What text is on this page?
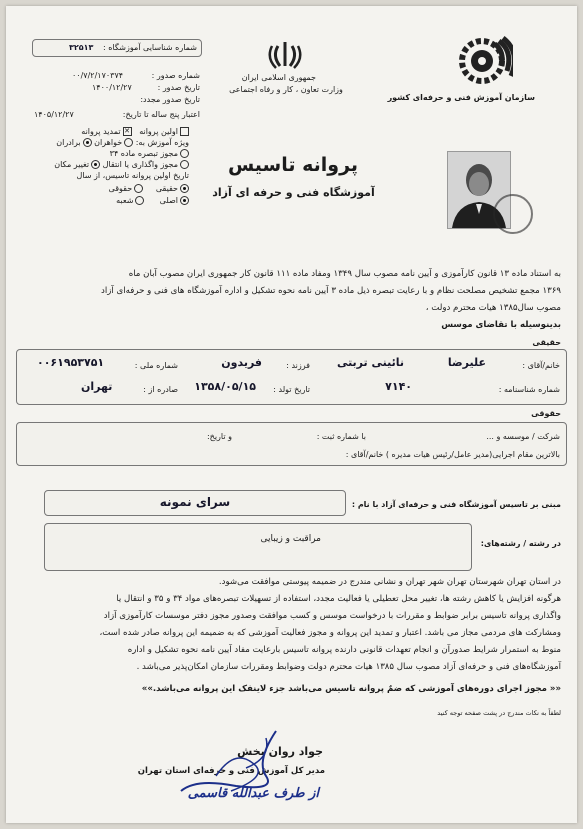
سازمان آموزش فنی و حرفه‌ای کشور
جمهوری اسلامی ایران
وزارت تعاون ، کار و رفاه اجتماعی
شماره شناسایی آموزشگاه :
۳۲۵۱۳
شماره صدور :
۰۰/۷/۲/۱۷۰۳۷۴
تاریخ صدور :
۱۴۰۰/۱۲/۲۷
تاریخ صدور مجدد:
اعتبار پنج ساله تا تاریخ:
۱۴۰۵/۱۲/۲۷
اولین پروانه   ✕تمدید پروانه
ویژه آموزش به: خواهران برادران
مجوز تبصره ماده ۳۴
مجوز واگذاری یا انتقال تغییر مکان
تاریخ اولین پروانه تاسیس، از سال
حقیقی     حقوقی
اصلی      شعبه
پروانه تاسیس
آموزشگاه فنی و حرفه ای آزاد
به استناد ماده ۱۳ قانون کارآموزی و آیین نامه مصوب سال ۱۳۴۹ ومفاد ماده ۱۱۱ قانون کار جمهوری ایران مصوب آبان ماه
۱۳۶۹ مجمع تشخیص مصلحت نظام و با رعایت تبصره ذیل ماده ۳ آیین نامه نحوه تشکیل و اداره آموزشگاه های فنی و حرفه‌ای آزاد
مصوب سال۱۳۸۵ هیات محترم دولت ،
بدینوسیله با تقاضای موسس
حقیقی
خانم/آقای :
علیرضا
نائینی تربتی
فرزند :
فریدون
شماره ملی :
۰۰۶۱۹۵۳۷۵۱
شماره شناسنامه :
۷۱۴۰
تاریخ تولد :
۱۳۵۸/۰۵/۱۵
صادره از :
تهران
حقوقی
شرکت / موسسه و ...
با شماره ثبت :
و تاریخ:
بالاترین مقام اجرایی(مدیر عامل/رئیس هیات مدیره ) خانم/آقای :
مبنی بر تاسیس آموزشگاه فنی و حرفه‌ای آزاد با نام :
سرای نمونه
در رشته / رشته‌های:
مراقبت و زیبایی
در استان تهران شهرستان تهران شهر تهران و نشانی مندرج در ضمیمه پیوستی موافقت می‌شود.
هرگونه افزایش یا کاهش رشته ها، تغییر محل تعطیلی یا فعالیت مجدد، استفاده از تسهیلات تبصره‌های مواد ۳۴ و ۳۵ و انتقال یا
واگذاری پروانه تاسیس برابر ضوابط و مقررات با درخواست موسس و کسب موافقت وصدور مجوز دفتر موسسات کارآموزی آزاد
ومشارکت های مردمی مجاز می باشد. اعتبار و تمدید این پروانه و مجوز فعالیت آموزشی که به ضمیمه این پروانه صادر شده است،
منوط به استمرار شرایط صدورآن و انجام تعهدات قانونی دارنده پروانه تاسیس بارعایت مفاد آیین نامه نحوه تشکیل و اداره
آموزشگاه‌های فنی و حرفه‌ای آزاد مصوب سال ۱۳۸۵ هیات محترم دولت وضوابط ومقررات سازمان امکان‌پذیر می‌باشد .
«« مجوز اجرای دوره‌های آموزشی که ضمٌ پروانه تاسیس می‌باشد جزء لاینفک این پروانه می‌باشد.»»
لطفاً به نکات مندرج در پشت صفحه توجه کنید
جواد روان بخش
مدیر کل آموزش فنی و حرفه‌ای استان تهران
از طرف عبدالله قاسمی
